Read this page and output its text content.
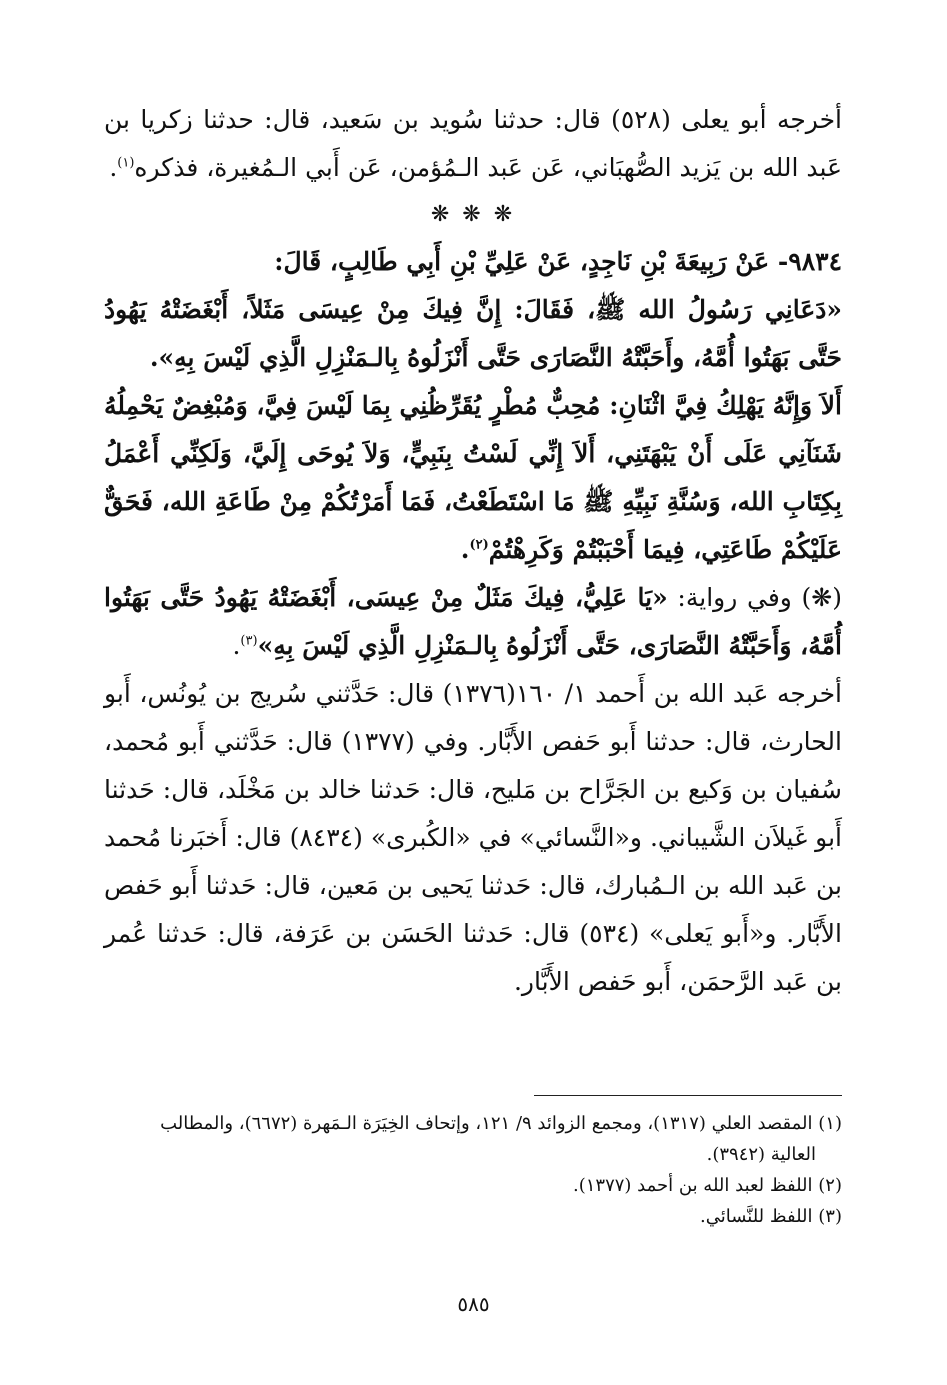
أخرجه أبو يعلى (٥٢٨) قال: حدثنا سُويد بن سَعيد، قال: حدثنا زكريا بن عَبد الله بن يَزيد الصُّهبَاني، عَن عَبد الـمُؤمن، عَن أَبي الـمُغيرة، فذكره$^{(١)}$.

❋ ❋ ❋

٩٨٣٤- عَنْ رَبِيعَةَ بْنِ نَاجِدٍ، عَنْ عَلِيِّ بْنِ أَبِي طَالِبٍ، قَالَ:

«دَعَانِي رَسُولُ الله ﷺ، فَقَالَ: إِنَّ فِيكَ مِنْ عِيسَى مَثَلاً، أَبْغَضَتْهُ يَهُودُ حَتَّى بَهَتُوا أُمَّهُ، وأَحَبَّتْهُ النَّصَارَى حَتَّى أَنْزَلُوهُ بِالـمَنْزِلِ الَّذِي لَيْسَ بِهِ».

أَلاَ وَإِنَّهُ يَهْلِكُ فِيَّ اثْنَانِ: مُحِبٌّ مُطْرٍ يُقَرِّظُنِي بِمَا لَيْسَ فِيَّ، وَمُبْغِضٌ يَحْمِلُهُ شَنَآنِي عَلَى أَنْ يَبْهَتَنِي، أَلاَ إِنِّي لَسْتُ بِنَبِيٍّ، وَلاَ يُوحَى إِلَيَّ، وَلَكِنِّي أَعْمَلُ بِكِتَابِ الله، وَسُنَّةِ نَبِيِّهِ ﷺ مَا اسْتَطَعْتُ، فَمَا أَمَرْتُكُمْ مِنْ طَاعَةِ الله، فَحَقٌّ عَلَيْكُمْ طَاعَتِي، فِيمَا أَحْبَبْتُمْ وَكَرِهْتُمْ$^{(٢)}$.

(❋) وفي رواية: «يَا عَلِيُّ، فِيكَ مَثَلٌ مِنْ عِيسَى، أَبْغَضَتْهُ يَهُودُ حَتَّى بَهَتُوا أُمَّهُ، وَأَحَبَّتْهُ النَّصَارَى، حَتَّى أَنْزَلُوهُ بِالـمَنْزِلِ الَّذِي لَيْسَ بِهِ»$^{(٣)}$.

أخرجه عَبد الله بن أَحمد ١/ ١٦٠(١٣٧٦) قال: حَدَّثني سُريج بن يُونُس، أَبو الحارث، قال: حدثنا أَبو حَفص الأَبَّار. وفي (١٣٧٧) قال: حَدَّثني أَبو مُحمد، سُفيان بن وَكيع بن الجَرَّاح بن مَليح، قال: حَدثنا خالد بن مَخْلَد، قال: حَدثنا أَبو غَيلاَن الشَّيباني. و«النَّسائي» في «الكُبرى» (٨٤٣٤) قال: أَخبَرنا مُحمد بن عَبد الله بن الـمُبارك، قال: حَدثنا يَحيى بن مَعين، قال: حَدثنا أَبو حَفص الأَبَّار. و«أَبو يَعلى» (٥٣٤) قال: حَدثنا الحَسَن بن عَرَفة، قال: حَدثنا عُمر بن عَبد الرَّحمَن، أَبو حَفص الأَبَّار.

(١) المقصد العلي (١٣١٧)، ومجمع الزوائد ٩/ ١٢١، وإتحاف الخِيَرَة الـمَهرة (٦٦٧٢)، والمطالب

العالية (٣٩٤٢).

(٢) اللفظ لعبد الله بن أحمد (١٣٧٧).

(٣) اللفظ للنَّسائي.

٥٨٥
